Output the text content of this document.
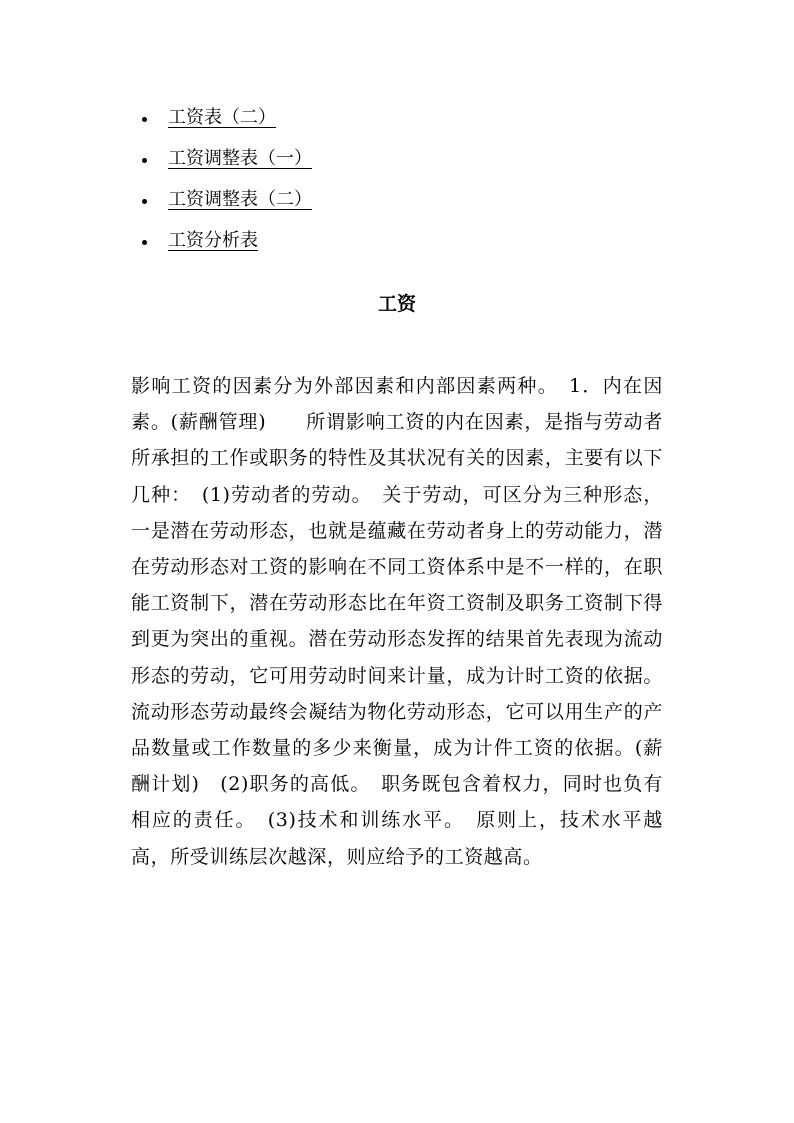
工资表（二）
工资调整表（一）
工资调整表（二）
工资分析表
工资

影响工资的因素分为外部因素和内部因素两种。　1．内在因素。(薪酬管理)　　所谓影响工资的内在因素，是指与劳动者所承担的工作或职务的特性及其状况有关的因素，主要有以下几种：　(1)劳动者的劳动。　关于劳动，可区分为三种形态，一是潜在劳动形态，也就是蕴藏在劳动者身上的劳动能力，潜在劳动形态对工资的影响在不同工资体系中是不一样的，在职能工资制下，潜在劳动形态比在年资工资制及职务工资制下得到更为突出的重视。潜在劳动形态发挥的结果首先表现为流动形态的劳动，它可用劳动时间来计量，成为计时工资的依据。流动形态劳动最终会凝结为物化劳动形态，它可以用生产的产品数量或工作数量的多少来衡量，成为计件工资的依据。(薪酬计划)　(2)职务的高低。　职务既包含着权力，同时也负有相应的责任。　(3)技术和训练水平。　原则上，技术水平越高，所受训练层次越深，则应给予的工资越高。
